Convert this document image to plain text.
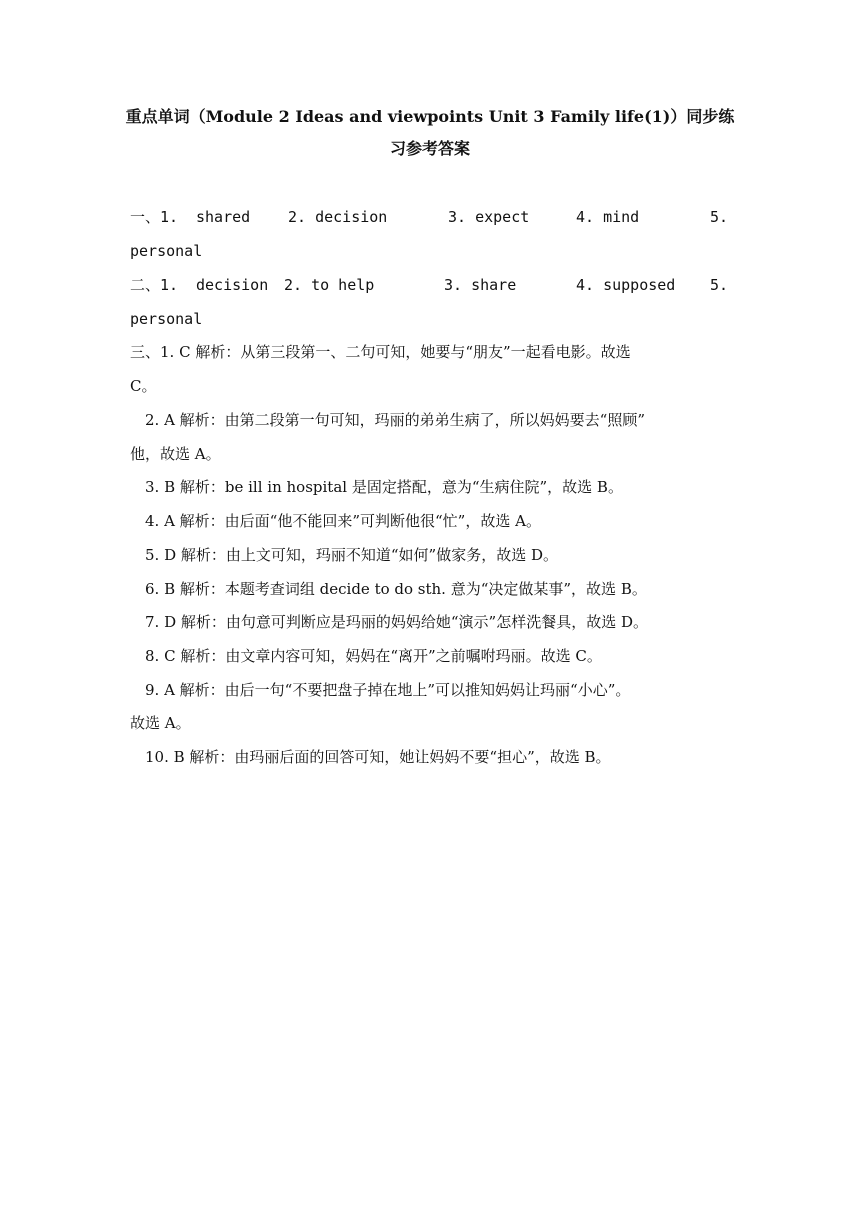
重点单词（Module 2 Ideas and viewpoints Unit 3 Family life(1)）同步练
习参考答案
一、1. shared	2. decision	3. expect	4. mind	5.
personal
二、1. decision 2. to help	3. share	4. supposed 5.
personal
三、1. C 解析：从第三段第一、二句可知，她要与“朋友”一起看电影。故选
C。
2. A 解析：由第二段第一句可知，玛丽的弟弟生病了，所以妈妈要去“照顾”
他，故选 A。
3. B 解析：be ill in hospital 是固定搭配，意为“生病住院”，故选 B。
4. A 解析：由后面“他不能回来”可判断他很“忙”，故选 A。
5. D 解析：由上文可知，玛丽不知道“如何”做家务，故选 D。
6. B 解析：本题考查词组 decide to do sth. 意为“决定做某事”，故选 B。
7. D 解析：由句意可判断应是玛丽的妈妈给她“演示”怎样洗餐具，故选 D。
8. C 解析：由文章内容可知，妈妈在“离开”之前嘱咐玛丽。故选 C。
9. A 解析：由后一句“不要把盘子掉在地上”可以推知妈妈让玛丽“小心”。
故选 A。
10. B 解析：由玛丽后面的回答可知，她让妈妈不要“担心”，故选 B。
